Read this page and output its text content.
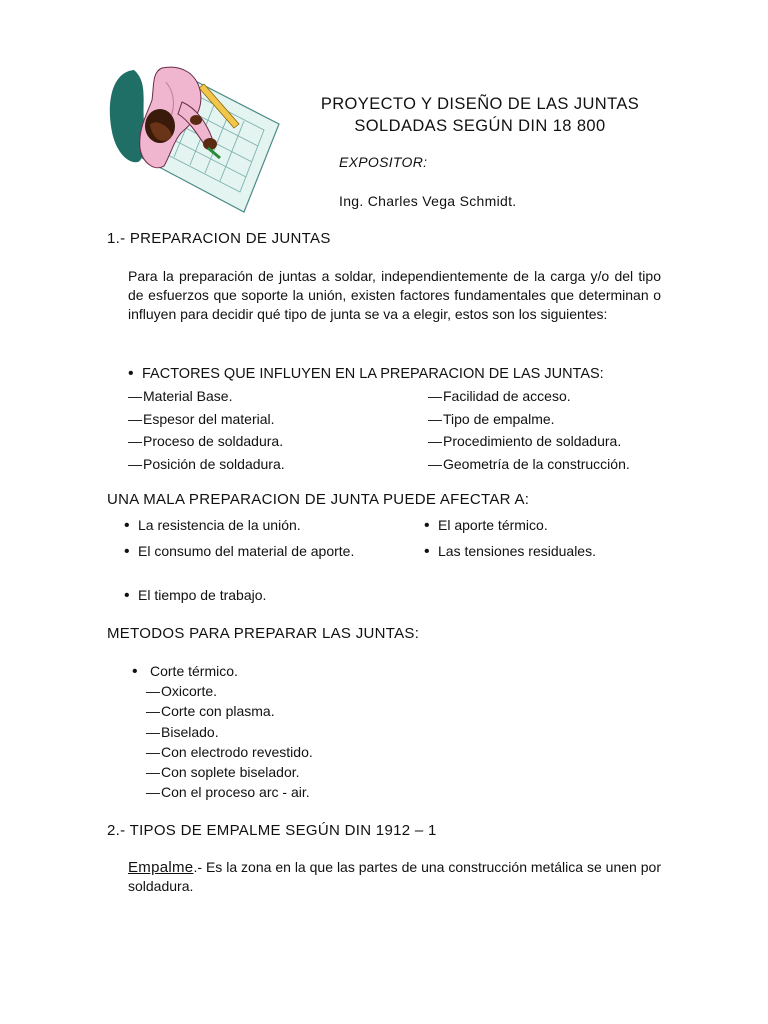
PROYECTO Y DISEÑO DE LAS JUNTAS
SOLDADAS SEGÚN DIN 18 800
EXPOSITOR:
Ing. Charles Vega Schmidt.
1.- PREPARACION DE JUNTAS
Para la preparación de juntas a soldar, independientemente de la carga y/o del tipo de esfuerzos que soporte la unión, existen factores fundamentales que determinan o influyen para decidir qué tipo de junta se va a elegir, estos son los siguientes:
• FACTORES QUE INFLUYEN EN LA PREPARACION DE LAS JUNTAS:
— Material Base.
— Espesor del material.
— Proceso de soldadura.
— Posición de soldadura.
— Facilidad de acceso.
— Tipo de empalme.
— Procedimiento de soldadura.
— Geometría de la construcción.
UNA MALA PREPARACION DE JUNTA PUEDE AFECTAR A:
• La resistencia de la unión.
• El consumo del material de aporte.
• El tiempo de trabajo.
• El aporte térmico.
• Las tensiones residuales.
METODOS PARA PREPARAR LAS JUNTAS:
• Corte térmico.
— Oxicorte.
— Corte con plasma.
— Biselado.
— Con electrodo revestido.
— Con soplete biselador.
— Con el proceso arc - air.
2.- TIPOS DE EMPALME SEGÚN DIN 1912 – 1
Empalme.- Es la zona en la que las partes de una construcción metálica se unen por soldadura.
